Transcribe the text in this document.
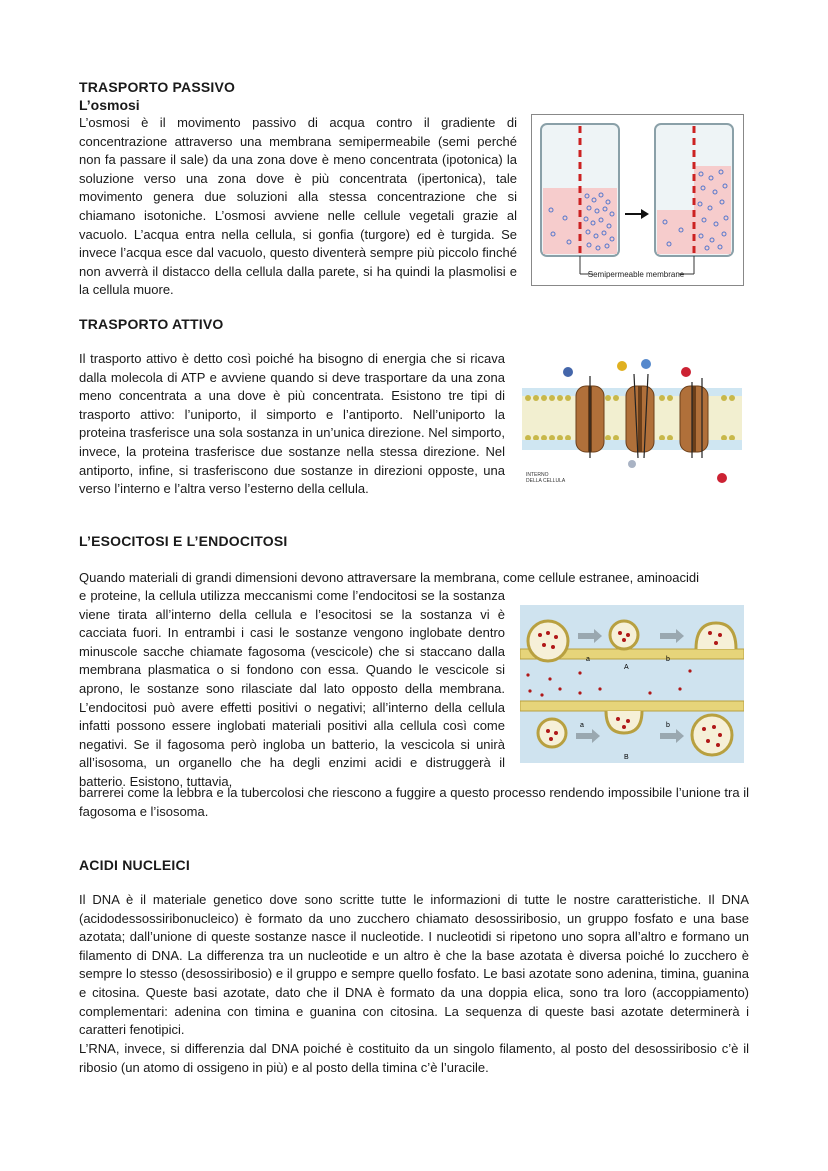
TRASPORTO PASSIVO
L’osmosi

L’osmosi è il movimento passivo di acqua contro il gradiente di concentrazione attraverso una membrana semipermeabile (semi perché non fa passare il sale) da una zona dove è meno concentrata (ipotonica) la soluzione verso una zona dove è più concentrata (ipertonica), tale movimento genera due soluzioni alla stessa concentrazione che si chiamano isotoniche. L’osmosi avviene nelle cellule vegetali grazie al vacuolo. L’acqua entra nella cellula, si gonfia (turgore) ed è turgida. Se invece l’acqua esce dal vacuolo, questo diventerà sempre più piccolo finché non avverrà il distacco della cellula dalla parete, si ha quindi la plasmolisi e la cellula muore.

Semipermeable membrane
TRASPORTO ATTIVO

Il trasporto attivo è detto così poiché ha bisogno di energia che si ricava dalla molecola di ATP e avviene quando si deve trasportare da una zona meno concentrata a una dove è più concentrata. Esistono tre tipi di trasporto attivo: l’uniporto, il simporto e l’antiporto. Nell’uniporto la proteina trasferisce una sola sostanza in un’unica direzione. Nel simporto, invece, la proteina trasferisce due sostanze nella stessa direzione. Nel antiporto, infine, si trasferiscono due sostanze in direzioni opposte, una verso l’interno e l’altra verso l’esterno della cellula.

INTERNO
DELLA CELLULA
L’ESOCITOSI E L’ENDOCITOSI

Quando materiali di grandi dimensioni devono attraversare la membrana, come cellule estranee, aminoacidi

e proteine, la cellula utilizza meccanismi come l’endocitosi se la sostanza viene tirata all’interno della cellula e l’esocitosi se la sostanza vi è cacciata fuori. In entrambi i casi le sostanze vengono inglobate dentro minuscole sacche chiamate fagosoma (vescicole) che si staccano dalla membrana plasmatica o si fondono con essa. Quando le vescicole si aprono, le sostanze sono rilasciate dal lato opposto della membrana. L’endocitosi può avere effetti positivi o negativi; all’interno della cellula infatti possono essere inglobati materiali positivi alla cellula così come negativi. Se il fagosoma però ingloba un batterio, la vescicola si unirà all’isosoma, un organello che ha degli enzimi acidi e distruggerà il batterio. Esistono, tuttavia,

barrerei come la lebbra e la tubercolosi che riescono a fuggire a questo processo rendendo impossibile l’unione tra il fagosoma e l’isosoma.

a	b
A
a	b
B
ACIDI NUCLEICI

Il DNA è il materiale genetico dove sono scritte tutte le informazioni di tutte le nostre caratteristiche. Il DNA (acidodessossiribonucleico) è formato da uno zucchero chiamato desossiribosio, un gruppo fosfato e una base azotata; dall’unione di queste sostanze nasce il nucleotide. I nucleotidi si ripetono uno sopra all’altro e formano un filamento di DNA. La differenza tra un nucleotide e un altro è che la base azotata è diversa poiché lo zucchero è sempre lo stesso (desossiribosio) e il gruppo e sempre quello fosfato. Le basi azotate sono adenina, timina, guanina e citosina. Queste basi azotate, dato che il DNA è formato da una doppia elica, sono tra loro (accoppiamento) complementari: adenina con timina e guanina con citosina. La sequenza di queste basi azotate determinerà i caratteri fenotipici.

L’RNA, invece, si differenzia dal DNA poiché è costituito da un singolo filamento, al posto del desossiribosio c’è il ribosio (un atomo di ossigeno in più) e al posto della timina c’è l’uracile.
